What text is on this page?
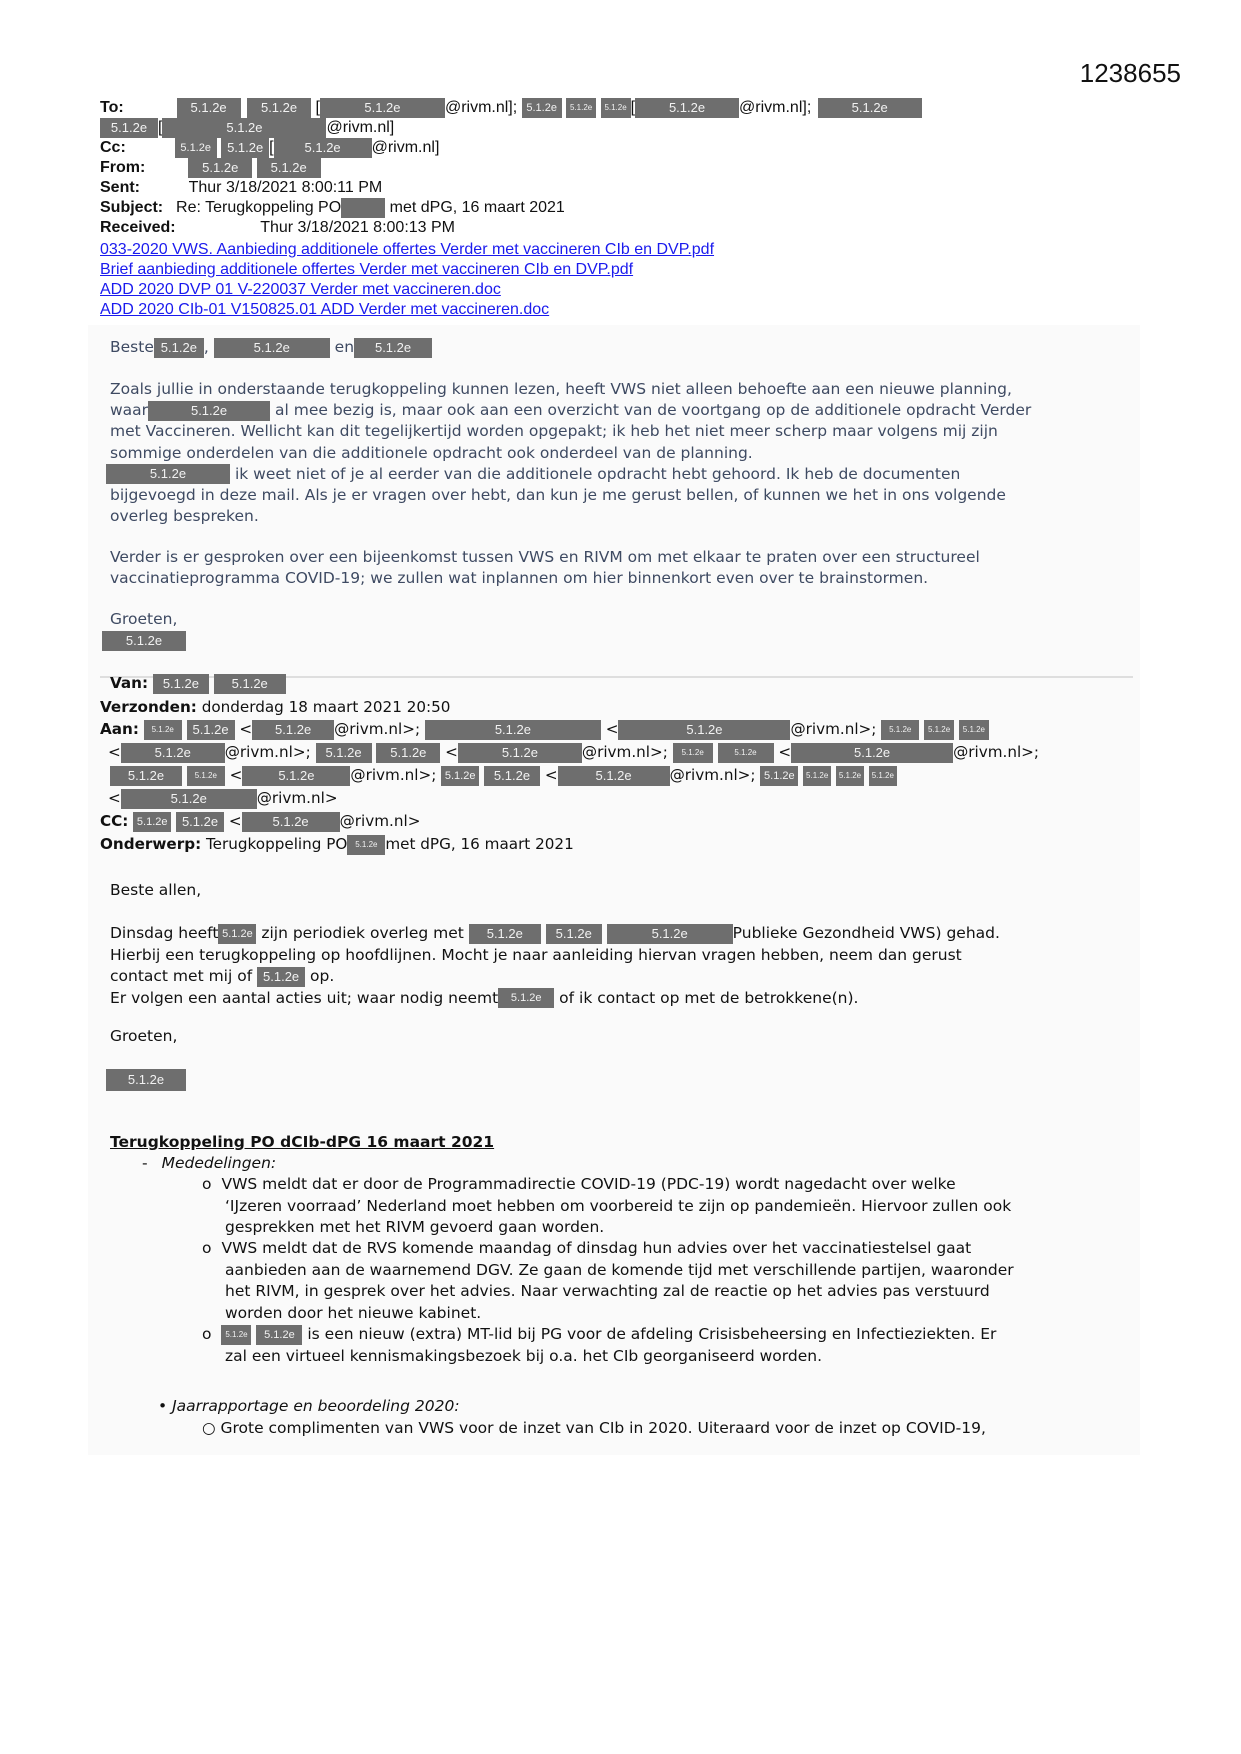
1238655
To:	5.1.2e	5.1.2e [	5.1.2e	@rivm.nl]; 5.1.2e 5.1.2e 5.1.2e [	5.1.2e @rivm.nl];	5.1.2e
5.1.2e [	5.1.2e	@rivm.nl]
Cc:	5.1.2e 5.1.2e [ 5.1.2e @rivm.nl]
From:	5.1.2e 5.1.2e
Sent:	Thur 3/18/2021 8:00:11 PM
Subject: Re: Terugkoppeling PO	met dPG, 16 maart 2021
Received:	Thur 3/18/2021 8:00:13 PM
033-2020 VWS. Aanbieding additionele offertes Verder met vaccineren CIb en DVP.pdf
Brief aanbieding additionele offertes Verder met vaccineren CIb en DVP.pdf
ADD 2020 DVP 01 V-220037 Verder met vaccineren.doc
ADD 2020 CIb-01 V150825.01 ADD Verder met vaccineren.doc
Beste 5.1.2e ,	5.1.2e	en 5.1.2e
Zoals jullie in onderstaande terugkoppeling kunnen lezen, heeft VWS niet alleen behoefte aan een nieuwe planning,
waar	5.1.2e	al mee bezig is, maar ook aan een overzicht van de voortgang op de additionele opdracht Verder
met Vaccineren. Wellicht kan dit tegelijkertijd worden opgepakt; ik heb het niet meer scherp maar volgens mij zijn
sommige onderdelen van die additionele opdracht ook onderdeel van de planning.
5.1.2e	ik weet niet of je al eerder van die additionele opdracht hebt gehoord. Ik heb de documenten
bijgevoegd in deze mail. Als je er vragen over hebt, dan kun je me gerust bellen, of kunnen we het in ons volgende
overleg bespreken.
Verder is er gesproken over een bijeenkomst tussen VWS en RIVM om met elkaar te praten over een structureel
vaccinatieprogramma COVID-19; we zullen wat inplannen om hier binnenkort even over te brainstormen.
Groeten,
5.1.2e
Van: 5.1.2e	5.1.2e
Verzonden: donderdag 18 maart 2021 20:50
Aan: 5.1.2e 5.1.2e < 5.1.2e @rivm.nl>;	5.1.2e	<	5.1.2e	@rivm.nl>; 5.1.2e 5.1.2e 5.1.2e
<	5.1.2e @rivm.nl>; 5.1.2e 5.1.2e <	5.1.2e	@rivm.nl>; 5.1.2e	5.1.2e <	5.1.2e	@rivm.nl>;
5.1.2e	5.1.2e <	5.1.2e @rivm.nl>; 5.1.2e 5.1.2e <	5.1.2e @rivm.nl>; 5.1.2e 5.1.2e 5.1.2e 5.1.2e
<	5.1.2e	@rivm.nl>
CC: 5.1.2e 5.1.2e < 5.1.2e @rivm.nl>
Onderwerp: Terugkoppeling PO 5.1.2e met dPG, 16 maart 2021
Beste allen,
Dinsdag heeft 5.1.2e zijn periodiek overleg met 5.1.2e	5.1.2e	5.1.2e	Publieke Gezondheid VWS) gehad.
Hierbij een terugkoppeling op hoofdlijnen. Mocht je naar aanleiding hiervan vragen hebben, neem dan gerust
contact met mij of 5.1.2e op.
Er volgen een aantal acties uit; waar nodig neemt 5.1.2e of ik contact op met de betrokkene(n).
Groeten,
5.1.2e
Terugkoppeling PO dCIb-dPG 16 maart 2021
- Mededelingen:
o VWS meldt dat er door de Programmadirectie COVID-19 (PDC-19) wordt nagedacht over welke
‘IJzeren voorraad’ Nederland moet hebben om voorbereid te zijn op pandemieën. Hiervoor zullen ook
gesprekken met het RIVM gevoerd gaan worden.
o VWS meldt dat de RVS komende maandag of dinsdag hun advies over het vaccinatiestelsel gaat
aanbieden aan de waarnemend DGV. Ze gaan de komende tijd met verschillende partijen, waaronder
het RIVM, in gesprek over het advies. Naar verwachting zal de reactie op het advies pas verstuurd
worden door het nieuwe kabinet.
o 5.1.2e 5.1.2e is een nieuw (extra) MT-lid bij PG voor de afdeling Crisisbeheersing en Infectieziekten. Er
zal een virtueel kennismakingsbezoek bij o.a. het CIb georganiseerd worden.
• Jaarrapportage en beoordeling 2020:
○ Grote complimenten van VWS voor de inzet van CIb in 2020. Uiteraard voor de inzet op COVID-19,
